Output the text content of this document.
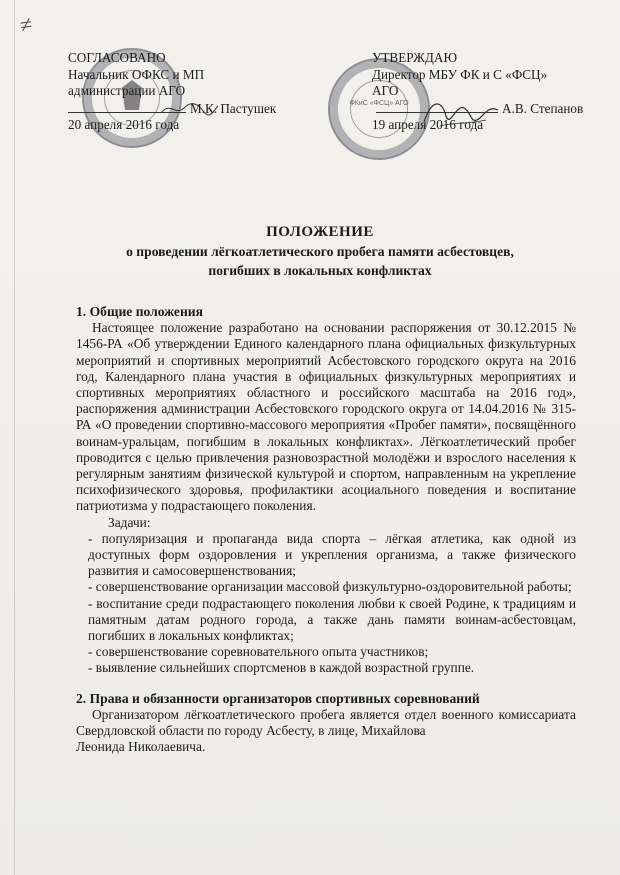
≠
ФКиС «ФСЦ» АГО
СОГЛАСОВАНО
Начальник ОФКС и МП
администрации АГО
М.К. Пастушек
20 апреля 2016 года
УТВЕРЖДАЮ
Директор МБУ ФК и С «ФСЦ»
АГО
А.В. Степанов
19 апреля 2016 года
ПОЛОЖЕНИЕ
о проведении лёгкоатлетического пробега памяти асбестовцев,
погибших в локальных конфликтах

1. Общие положения

Настоящее положение разработано на основании распоряжения от 30.12.2015 № 1456-РА «Об утверждении Единого календарного плана официальных физкультурных мероприятий и спортивных мероприятий Асбестовского городского округа на 2016 год, Календарного плана участия в официальных физкультурных мероприятиях и спортивных мероприятиях областного и российского масштаба на 2016 год», распоряжения администрации Асбестовского городского округа от 14.04.2016 № 315-РА «О проведении спортивно-массового мероприятия «Пробег памяти», посвящённого воинам-уральцам, погибшим в локальных конфликтах». Лёгкоатлетический пробег проводится с целью привлечения разновозрастной молодёжи и взрослого населения к регулярным занятиям физической культурой и спортом, направленным на укрепление психофизического здоровья, профилактики асоциального поведения и воспитание патриотизма у подрастающего поколения.

Задачи:

- популяризация и пропаганда вида спорта – лёгкая атлетика, как одной из доступных форм оздоровления и укрепления организма, а также физического развития и самосовершенствования;

- совершенствование организации массовой физкультурно-оздоровительной работы;

- воспитание среди подрастающего поколения любви к своей Родине, к традициям и памятным датам родного города, а также дань памяти воинам-асбестовцам, погибших в локальных конфликтах;

- совершенствование соревновательного опыта участников;

- выявление сильнейших спортсменов в каждой возрастной группе.

2. Права и обязанности организаторов спортивных соревнований

Организатором лёгкоатлетического пробега является отдел военного комиссариата Свердловской области по городу Асбесту, в лице, Михайлова

Леонида Николаевича.
